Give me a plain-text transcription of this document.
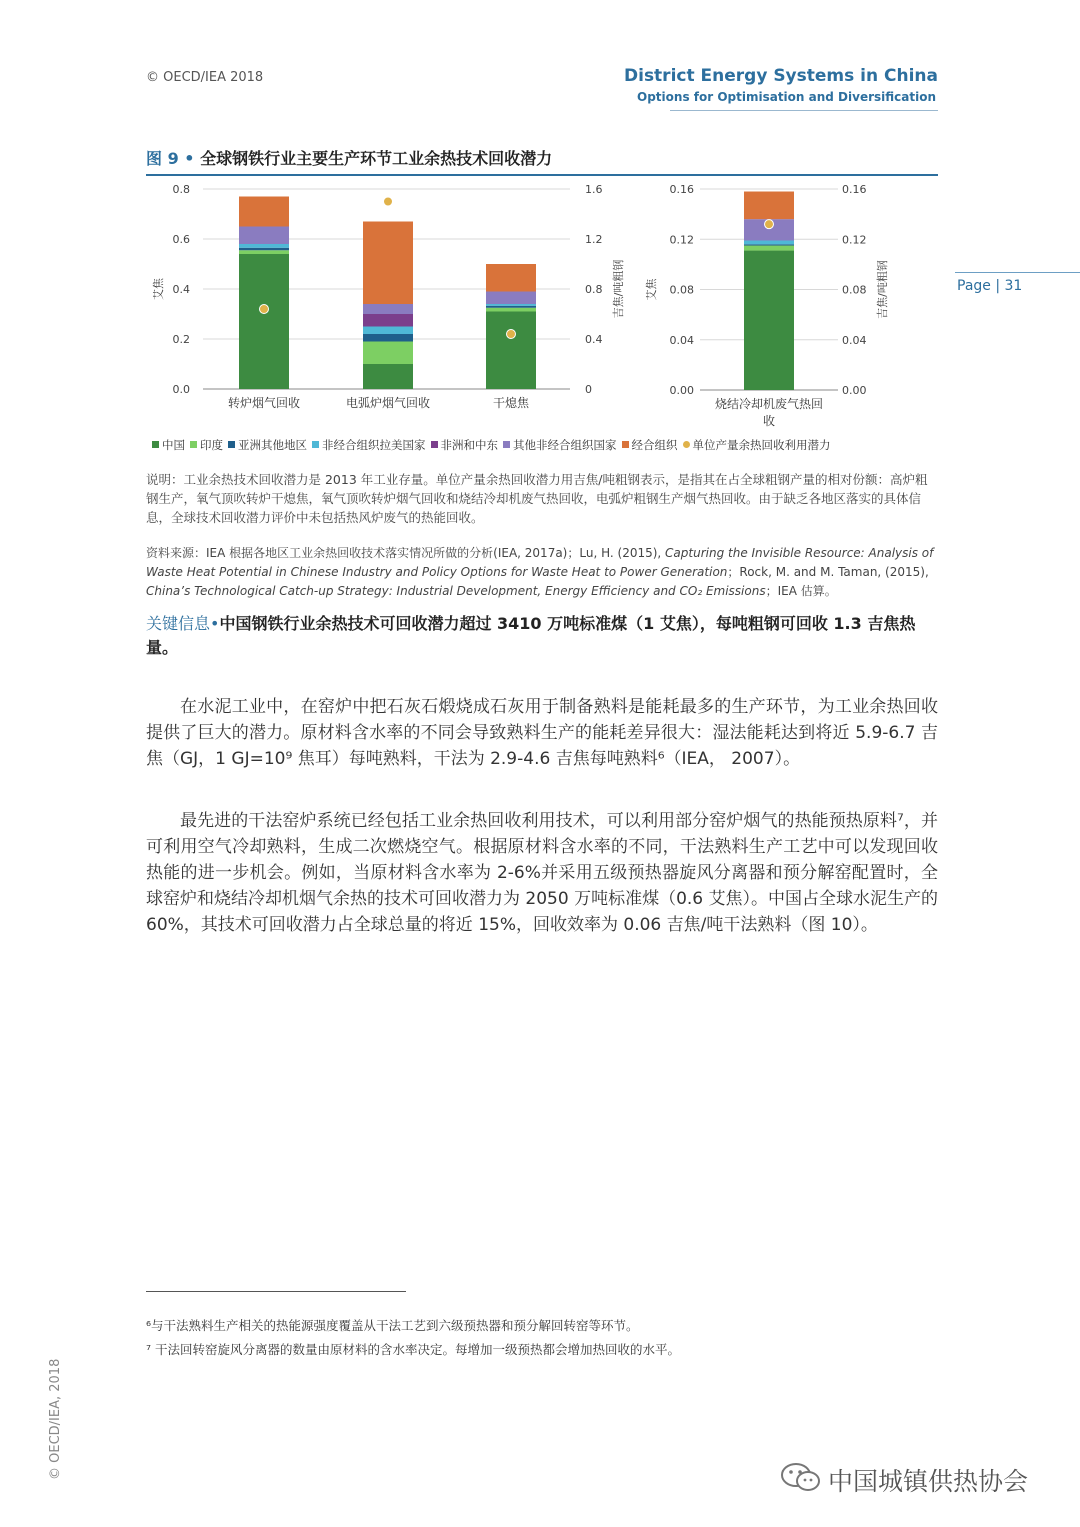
© OECD/IEA 2018	District Energy Systems in China
Options for Optimisation and Diversification
Page | 31
图 9 • 全球钢铁行业主要生产环节工业余热技术回收潜力
0.0	0
0.2	0.4
0.4	0.8
0.6	1.2
0.8	1.6
艾焦	吉焦/吨粗钢
转炉烟气回收	电弧炉烟气回收	干熄焦
0.00	0.00
0.04	0.04
0.08	0.08
0.12	0.12
0.16	0.16
艾焦	吉焦/吨粗钢
烧结冷却机废气热回
收
中国 印度 亚洲其他地区 非经合组织拉美国家 非洲和中东 其他非经合组织国家 经合组织 单位产量余热回收利用潜力
说明：工业余热技术回收潜力是 2013 年工业存量。单位产量余热回收潜力用吉焦/吨粗钢表示，是指其在占全球粗钢产量的相对份额：高炉粗钢生产，氧气顶吹转炉干熄焦，氧气顶吹转炉烟气回收和烧结冷却机废气热回收，电弧炉粗钢生产烟气热回收。由于缺乏各地区落实的具体信息，全球技术回收潜力评价中未包括热风炉废气的热能回收。
资料来源：IEA 根据各地区工业余热回收技术落实情况所做的分析(IEA, 2017a)；Lu, H. (2015), Capturing the Invisible Resource: Analysis of Waste Heat Potential in Chinese Industry and Policy Options for Waste Heat to Power Generation；Rock, M. and M. Taman, (2015), China’s Technological Catch-up Strategy: Industrial Development, Energy Efficiency and CO₂ Emissions；IEA 估算。
关键信息•中国钢铁行业余热技术可回收潜力超过 3410 万吨标准煤（1 艾焦），每吨粗钢可回收 1.3 吉焦热量。
在水泥工业中，在窑炉中把石灰石煅烧成石灰用于制备熟料是能耗最多的生产环节，为工业余热回收提供了巨大的潜力。原材料含水率的不同会导致熟料生产的能耗差异很大：湿法能耗达到将近 5.9-6.7 吉焦（GJ，1 GJ=10⁹ 焦耳）每吨熟料，干法为 2.9-4.6 吉焦每吨熟料⁶（IEA， 2007）。
最先进的干法窑炉系统已经包括工业余热回收利用技术，可以利用部分窑炉烟气的热能预热原料⁷，并可利用空气冷却熟料，生成二次燃烧空气。根据原材料含水率的不同，干法熟料生产工艺中可以发现回收热能的进一步机会。例如，当原材料含水率为 2-6%并采用五级预热器旋风分离器和预分解窑配置时，全球窑炉和烧结冷却机烟气余热的技术可回收潜力为 2050 万吨标准煤（0.6 艾焦）。中国占全球水泥生产的 60%，其技术可回收潜力占全球总量的将近 15%，回收效率为 0.06 吉焦/吨干法熟料（图 10）。
⁶与干法熟料生产相关的热能源强度覆盖从干法工艺到六级预热器和预分解回转窑等环节。
⁷ 干法回转窑旋风分离器的数量由原材料的含水率决定。每增加一级预热都会增加热回收的水平。
© OECD/IEA, 2018
中国城镇供热协会
